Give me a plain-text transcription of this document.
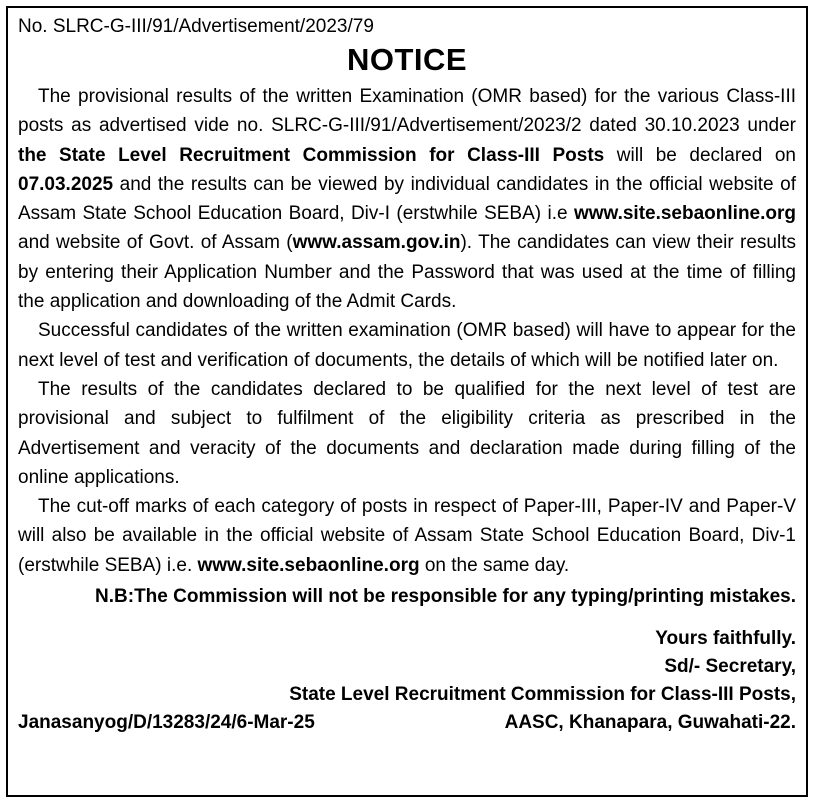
No. SLRC-G-III/91/Advertisement/2023/79
NOTICE

The provisional results of the written Examination (OMR based) for the various Class-III posts as advertised vide no. SLRC-G-III/91/Advertisement/2023/2 dated 30.10.2023 under the State Level Recruitment Commission for Class-III Posts will be declared on 07.03.2025 and the results can be viewed by individual candidates in the official website of Assam State School Education Board, Div-I (erstwhile SEBA) i.e www.site.sebaonline.org and website of Govt. of Assam (www.assam.gov.in). The candidates can view their results by entering their Application Number and the Password that was used at the time of filling the application and downloading of the Admit Cards.

Successful candidates of the written examination (OMR based) will have to appear for the next level of test and verification of documents, the details of which will be notified later on.

The results of the candidates declared to be qualified for the next level of test are provisional and subject to fulfilment of the eligibility criteria as prescribed in the Advertisement and veracity of the documents and declaration made during filling of the online applications.

The cut-off marks of each category of posts in respect of Paper-III, Paper-IV and Paper-V will also be available in the official website of Assam State School Education Board, Div-1 (erstwhile SEBA) i.e. www.site.sebaonline.org on the same day.

N.B:The Commission will not be responsible for any typing/printing mistakes.

Yours faithfully.
Sd/- Secretary,
State Level Recruitment Commission for Class-III Posts,
Janasanyog/D/13283/24/6-Mar-25	AASC, Khanapara, Guwahati-22.
